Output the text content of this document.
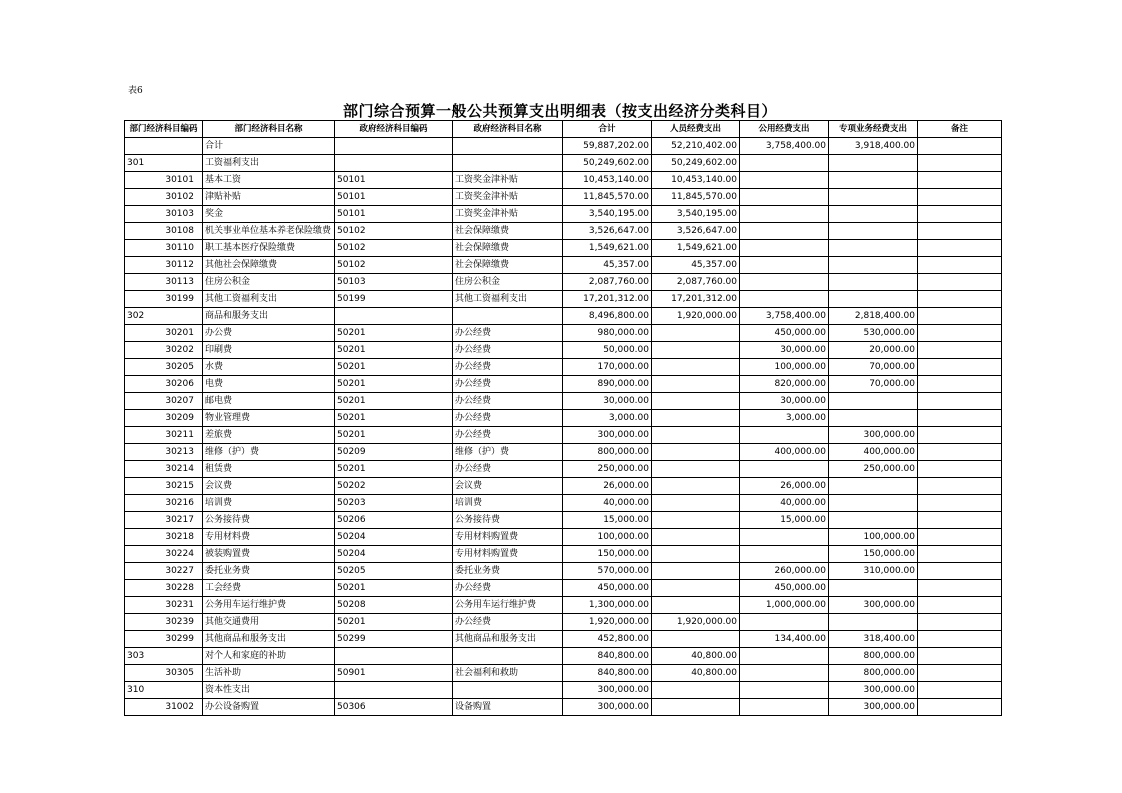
表6
部门综合预算一般公共预算支出明细表（按支出经济分类科目）
部门经济科目编码	部门经济科目名称	政府经济科目编码	政府经济科目名称	合计	人员经费支出	公用经费支出	专项业务经费支出	备注
	合计			59,887,202.00	52,210,402.00	3,758,400.00	3,918,400.00	
301	工资福利支出			50,249,602.00	50,249,602.00			
30101	基本工资	50101	工资奖金津补贴	10,453,140.00	10,453,140.00			
30102	津贴补贴	50101	工资奖金津补贴	11,845,570.00	11,845,570.00			
30103	奖金	50101	工资奖金津补贴	3,540,195.00	3,540,195.00			
30108	机关事业单位基本养老保险缴费	50102	社会保障缴费	3,526,647.00	3,526,647.00			
30110	职工基本医疗保险缴费	50102	社会保障缴费	1,549,621.00	1,549,621.00			
30112	其他社会保障缴费	50102	社会保障缴费	45,357.00	45,357.00			
30113	住房公积金	50103	住房公积金	2,087,760.00	2,087,760.00			
30199	其他工资福利支出	50199	其他工资福利支出	17,201,312.00	17,201,312.00			
302	商品和服务支出			8,496,800.00	1,920,000.00	3,758,400.00	2,818,400.00	
30201	办公费	50201	办公经费	980,000.00		450,000.00	530,000.00	
30202	印刷费	50201	办公经费	50,000.00		30,000.00	20,000.00	
30205	水费	50201	办公经费	170,000.00		100,000.00	70,000.00	
30206	电费	50201	办公经费	890,000.00		820,000.00	70,000.00	
30207	邮电费	50201	办公经费	30,000.00		30,000.00		
30209	物业管理费	50201	办公经费	3,000.00		3,000.00		
30211	差旅费	50201	办公经费	300,000.00			300,000.00	
30213	维修（护）费	50209	维修（护）费	800,000.00		400,000.00	400,000.00	
30214	租赁费	50201	办公经费	250,000.00			250,000.00	
30215	会议费	50202	会议费	26,000.00		26,000.00		
30216	培训费	50203	培训费	40,000.00		40,000.00		
30217	公务接待费	50206	公务接待费	15,000.00		15,000.00		
30218	专用材料费	50204	专用材料购置费	100,000.00			100,000.00	
30224	被装购置费	50204	专用材料购置费	150,000.00			150,000.00	
30227	委托业务费	50205	委托业务费	570,000.00		260,000.00	310,000.00	
30228	工会经费	50201	办公经费	450,000.00		450,000.00		
30231	公务用车运行维护费	50208	公务用车运行维护费	1,300,000.00		1,000,000.00	300,000.00	
30239	其他交通费用	50201	办公经费	1,920,000.00	1,920,000.00			
30299	其他商品和服务支出	50299	其他商品和服务支出	452,800.00		134,400.00	318,400.00	
303	对个人和家庭的补助			840,800.00	40,800.00		800,000.00	
30305	生活补助	50901	社会福利和救助	840,800.00	40,800.00		800,000.00	
310	资本性支出			300,000.00			300,000.00	
31002	办公设备购置	50306	设备购置	300,000.00			300,000.00	
